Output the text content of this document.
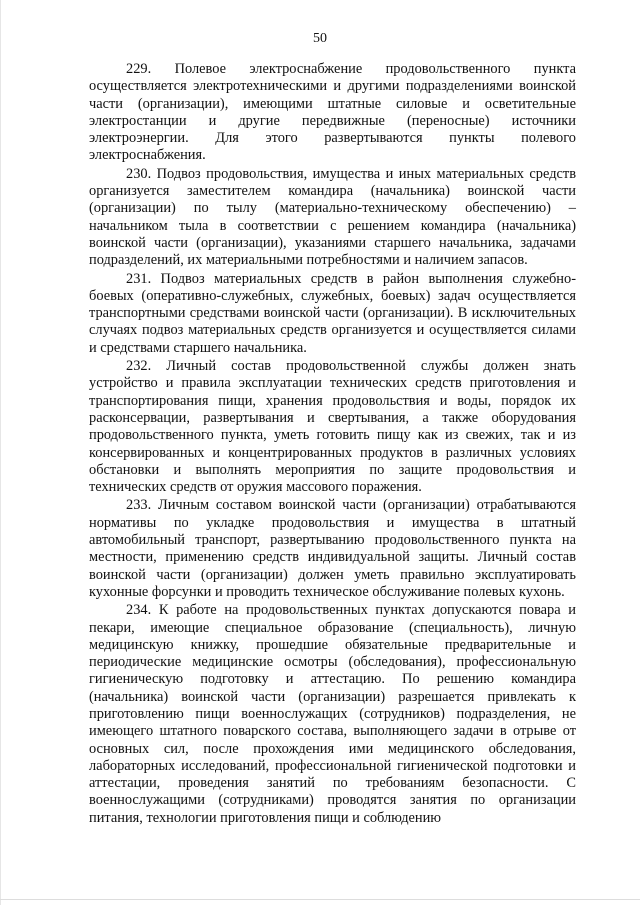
50

229. Полевое электроснабжение продовольственного пункта осуществляется электротехническими и другими подразделениями воинской части (организации), имеющими штатные силовые и осветительные электростанции и другие передвижные (переносные) источники электроэнергии. Для этого развертываются пункты полевого электроснабжения.

230. Подвоз продовольствия, имущества и иных материальных средств организуется заместителем командира (начальника) воинской части (организации) по тылу (материально-техническому обеспечению) – начальником тыла в соответствии с решением командира (начальника) воинской части (организации), указаниями старшего начальника, задачами подразделений, их материальными потребностями и наличием запасов.

231. Подвоз материальных средств в район выполнения служебно-боевых (оперативно-служебных, служебных, боевых) задач осуществляется транспортными средствами воинской части (организации). В исключительных случаях подвоз материальных средств организуется и осуществляется силами и средствами старшего начальника.

232. Личный состав продовольственной службы должен знать устройство и правила эксплуатации технических средств приготовления и транспортирования пищи, хранения продовольствия и воды, порядок их расконсервации, развертывания и свертывания, а также оборудования продовольственного пункта, уметь готовить пищу как из свежих, так и из консервированных и концентрированных продуктов в различных условиях обстановки и выполнять мероприятия по защите продовольствия и технических средств от оружия массового поражения.

233. Личным составом воинской части (организации) отрабатываются нормативы по укладке продовольствия и имущества в штатный автомобильный транспорт, развертыванию продовольственного пункта на местности, применению средств индивидуальной защиты. Личный состав воинской части (организации) должен уметь правильно эксплуатировать кухонные форсунки и проводить техническое обслуживание полевых кухонь.

234. К работе на продовольственных пунктах допускаются повара и пекари, имеющие специальное образование (специальность), личную медицинскую книжку, прошедшие обязательные предварительные и периодические медицинские осмотры (обследования), профессиональную гигиеническую подготовку и аттестацию. По решению командира (начальника) воинской части (организации) разрешается привлекать к приготовлению пищи военнослужащих (сотрудников) подразделения, не имеющего штатного поварского состава, выполняющего задачи в отрыве от основных сил, после прохождения ими медицинского обследования, лабораторных исследований, профессиональной гигиенической подготовки и аттестации, проведения занятий по требованиям безопасности. С военнослужащими (сотрудниками) проводятся занятия по организации питания, технологии приготовления пищи и соблюдению
